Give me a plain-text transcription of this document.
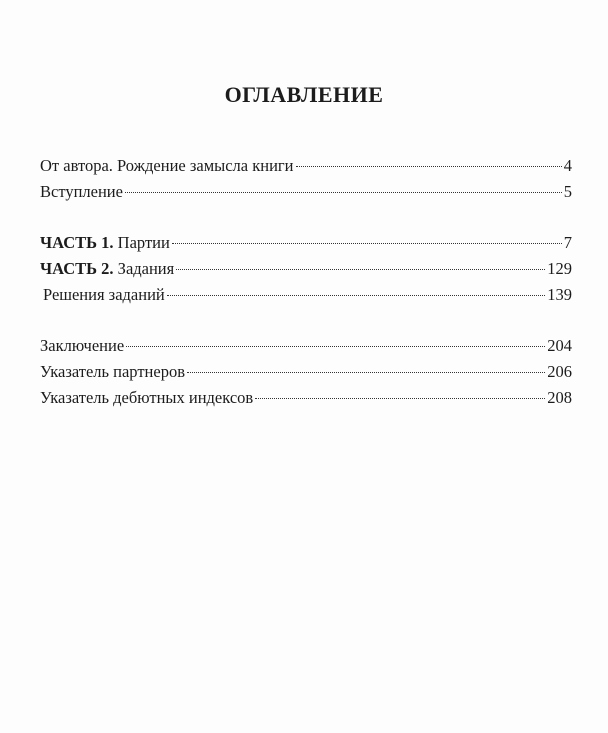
ОГЛАВЛЕНИЕ
От автора. Рождение замысла книги	4
Вступление	5
ЧАСТЬ 1. Партии	7
ЧАСТЬ 2. Задания	129
Решения заданий	139
Заключение	204
Указатель партнеров	206
Указатель дебютных индексов	208
